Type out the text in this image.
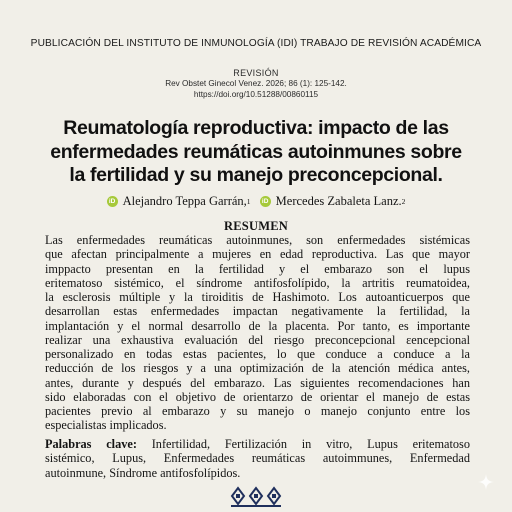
PUBLICACIÓN DEL INSTITUTO DE INMUNOLOGÍA (IDI) TRABAJO DE REVISIÓN ACADÉMICA
REVISIÓN
Rev Obstet Ginecol Venez. 2026; 86 (1): 125-142.
https://doi.org/10.51288/00860115
Reumatología reproductiva: impacto de las
enfermedades reumáticas autoinmunes sobre
la fertilidad y su manejo preconcepcional.
iD Alejandro Teppa Garrán, 1
	iD Mercedes Zabaleta Lanz. 2
RESUMEN
Las enfermedades reumáticas autoinmunes, son enfermedades sistémicas
que afectan principalmente a mujeres en edad reproductiva. Las que mayor
imppacto presentan en la fertilidad y el embarazo son el lupus
eritematoso sistémico, el síndrome antifosfolípido, la artritis reumatoidea,
la esclerosis múltiple y la tiroiditis de Hashimoto. Los autoanticuerpos que
desarrollan estas enfermedades impactan negativamente la fertilidad, la
implantación y el normal desarrollo de la placenta. Por tanto, es importante
realizar una exhaustiva evaluación del riesgo preconcepcional ɛencepcional
personalizado en todas estas pacientes, lo que conduce a conduce a la
reducción de los riesgos y a una optimización de la atención médica antes,
antes, durante y después del embarazo. Las siguientes recomendaciones han
sido elaboradas con el objetivo de orientarzo de orientar el manejo de estas
pacientes previo al embarazo y su manejo o manejo conjunto entre los
especialistas implicados.
Palabras clave: Infertilidad, Fertilización in vitro, Lupus eritematoso
sistémico, Lupus, Enfermedades reumáticas autoimmunes, Enfermedad
autoinmune, Síndrome antifosfolípidos.
